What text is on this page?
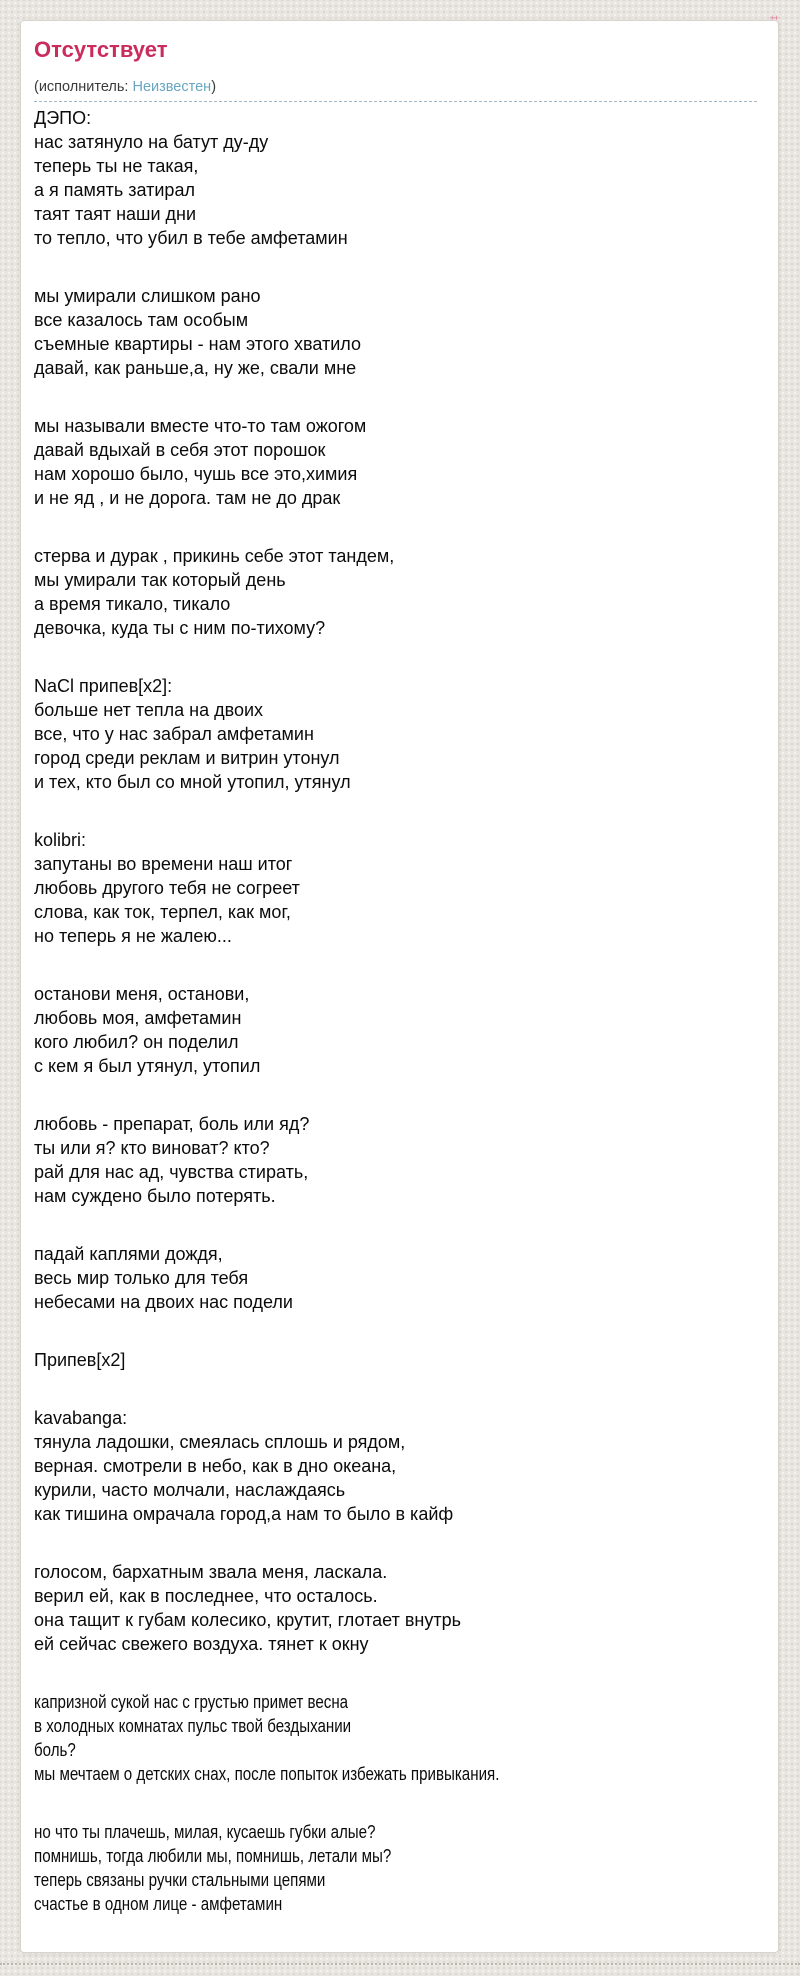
++
Отсутствует
(исполнитель: Неизвестен)

ДЭПО:
нас затянуло на батут ду-ду
теперь ты не такая,
а я память затирал
таят таят наши дни
то тепло, что убил в тебе амфетамин

мы умирали слишком рано
все казалось там особым
съемные квартиры - нам этого хватило
давай, как раньше,а, ну же, свали мне

мы называли вместе что-то там ожогом
давай вдыхай в себя этот порошок
нам хорошо было, чушь все это,химия
и не яд , и не дорога. там не до драк

стерва и дурак , прикинь себе этот тандем,
мы умирали так который день
а время тикало, тикало
девочка, куда ты с ним по-тихому?

NaCl припев[x2]:
больше нет тепла на двоих
все, что у нас забрал амфетамин
город среди реклам и витрин утонул
и тех, кто был со мной утопил, утянул

kolibri:
запутаны во времени наш итог
любовь другого тебя не согреет
слова, как ток, терпел, как мог,
но теперь я не жалею...

останови меня, останови,
любовь моя, амфетамин
кого любил? он поделил
с кем я был утянул, утопил

любовь - препарат, боль или яд?
ты или я? кто виноват? кто?
рай для нас ад, чувства стирать,
нам суждено было потерять.

падай каплями дождя,
весь мир только для тебя
небесами на двоих нас подели

Припев[x2]

kavabanga:
тянула ладошки, смеялась сплошь и рядом,
верная. смотрели в небо, как в дно океана,
курили, часто молчали, наслаждаясь
как тишина омрачала город,а нам то было в кайф

голосом, бархатным звала меня, ласкала.
верил ей, как в последнее, что осталось.
она тащит к губам колесико, крутит, глотает внутрь
ей сейчас свежего воздуха. тянет к окну

капризной сукой нас с грустью примет весна
в холодных комнатах пульс твой бездыхании
боль?
мы мечтаем о детских снах, после попыток избежать привыкания.

но что ты плачешь, милая, кусаешь губки алые?
помнишь, тогда любили мы, помнишь, летали мы?
теперь связаны ручки стальными цепями
счастье в одном лице - амфетамин
